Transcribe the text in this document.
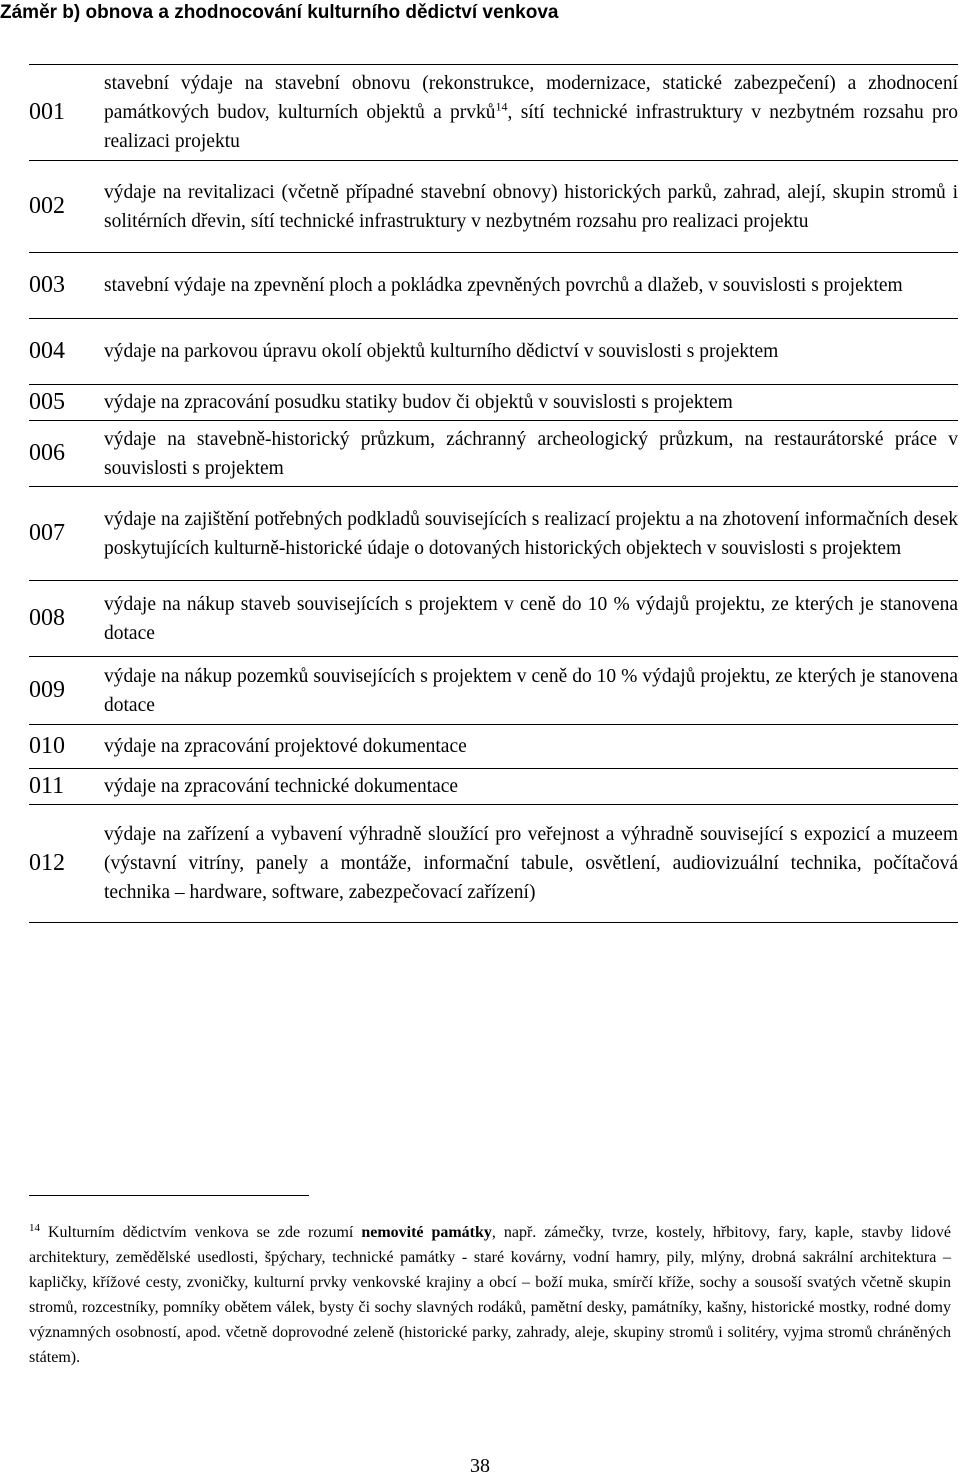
Záměr b) obnova a zhodnocování kulturního dědictví venkova
001	stavební výdaje na stavební obnovu (rekonstrukce, modernizace, statické zabezpečení) a zhodnocení památkových budov, kulturních objektů a prvků$^{14}$, sítí technické infrastruktury v nezbytném rozsahu pro realizaci projektu
002	výdaje na revitalizaci (včetně případné stavební obnovy) historických parků, zahrad, alejí, skupin stromů i solitérních dřevin, sítí technické infrastruktury v nezbytném rozsahu pro realizaci projektu
003	stavební výdaje na zpevnění ploch a pokládka zpevněných povrchů a dlažeb, v souvislosti s projektem
004	výdaje na parkovou úpravu okolí objektů kulturního dědictví v souvislosti s projektem
005	výdaje na zpracování posudku statiky budov či objektů v souvislosti s projektem
006	výdaje na stavebně-historický průzkum, záchranný archeologický průzkum, na restaurátorské práce v souvislosti s projektem
007	výdaje na zajištění potřebných podkladů souvisejících s realizací projektu a na zhotovení informačních desek poskytujících kulturně-historické údaje o dotovaných historických objektech v souvislosti s projektem
008	výdaje na nákup staveb souvisejících s projektem v ceně do 10 % výdajů projektu, ze kterých je stanovena dotace
009	výdaje na nákup pozemků souvisejících s projektem v ceně do 10 % výdajů projektu, ze kterých je stanovena dotace
010	výdaje na zpracování projektové dokumentace
011	výdaje na zpracování technické dokumentace
012	výdaje na zařízení a vybavení výhradně sloužící pro veřejnost a výhradně související s expozicí a muzeem (výstavní vitríny, panely a montáže, informační tabule, osvětlení, audiovizuální technika, počítačová technika – hardware, software, zabezpečovací zařízení)
$^{14}$ Kulturním dědictvím venkova se zde rozumí nemovité památky, např. zámečky, tvrze, kostely, hřbitovy, fary, kaple, stavby lidové architektury, zemědělské usedlosti, špýchary, technické památky - staré kovárny, vodní hamry, pily, mlýny, drobná sakrální architektura – kapličky, křížové cesty, zvoničky, kulturní prvky venkovské krajiny a obcí – boží muka, smírčí kříže, sochy a sousoší svatých včetně skupin stromů, rozcestníky, pomníky obětem válek, bysty či sochy slavných rodáků, pamětní desky, památníky, kašny, historické mostky, rodné domy významných osobností, apod. včetně doprovodné zeleně (historické parky, zahrady, aleje, skupiny stromů i solitéry, vyjma stromů chráněných státem).
38
